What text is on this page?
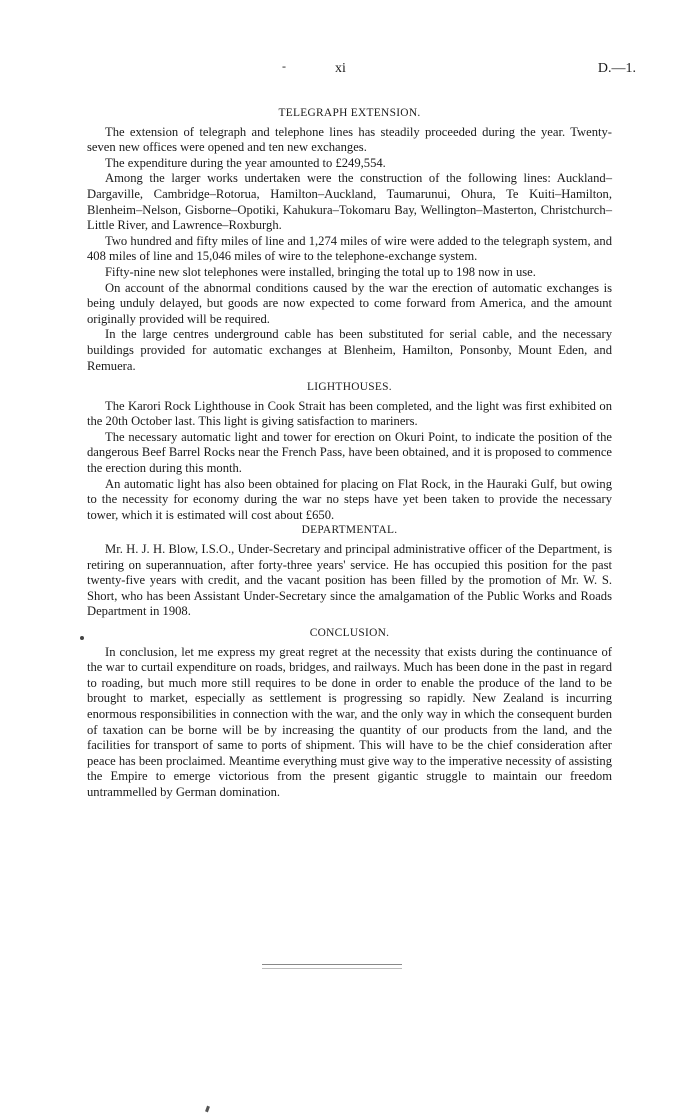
-	xi	D.—1.
TELEGRAPH EXTENSION.

The extension of telegraph and telephone lines has steadily proceeded during the year. Twenty-seven new offices were opened and ten new exchanges.

The expenditure during the year amounted to £249,554.

Among the larger works undertaken were the construction of the following lines: Auckland–Dargaville, Cambridge–Rotorua, Hamilton–Auckland, Taumarunui, Ohura, Te Kuiti–Hamilton, Blenheim–Nelson, Gisborne–Opotiki, Kahukura–Tokomaru Bay, Wellington–Masterton, Christchurch–Little River, and Lawrence–Roxburgh.

Two hundred and fifty miles of line and 1,274 miles of wire were added to the telegraph system, and 408 miles of line and 15,046 miles of wire to the telephone-exchange system.

Fifty-nine new slot telephones were installed, bringing the total up to 198 now in use.

On account of the abnormal conditions caused by the war the erection of automatic exchanges is being unduly delayed, but goods are now expected to come forward from America, and the amount originally provided will be required.

In the large centres underground cable has been substituted for serial cable, and the necessary buildings provided for automatic exchanges at Blenheim, Hamilton, Ponsonby, Mount Eden, and Remuera.

LIGHTHOUSES.

The Karori Rock Lighthouse in Cook Strait has been completed, and the light was first exhibited on the 20th October last. This light is giving satisfaction to mariners.

The necessary automatic light and tower for erection on Okuri Point, to indicate the position of the dangerous Beef Barrel Rocks near the French Pass, have been obtained, and it is proposed to commence the erection during this month.

An automatic light has also been obtained for placing on Flat Rock, in the Hauraki Gulf, but owing to the necessity for economy during the war no steps have yet been taken to provide the necessary tower, which it is estimated will cost about £650.

DEPARTMENTAL.

Mr. H. J. H. Blow, I.S.O., Under-Secretary and principal administrative officer of the Department, is retiring on superannuation, after forty-three years' service. He has occupied this position for the past twenty-five years with credit, and the vacant position has been filled by the promotion of Mr. W. S. Short, who has been Assistant Under-Secretary since the amalgamation of the Public Works and Roads Department in 1908.

CONCLUSION.

In conclusion, let me express my great regret at the necessity that exists during the continuance of the war to curtail expenditure on roads, bridges, and railways. Much has been done in the past in regard to roading, but much more still requires to be done in order to enable the produce of the land to be brought to market, especially as settlement is progressing so rapidly. New Zealand is incurring enormous responsibilities in connection with the war, and the only way in which the consequent burden of taxation can be borne will be by increasing the quantity of our products from the land, and the facilities for transport of same to ports of shipment. This will have to be the chief consideration after peace has been proclaimed. Meantime everything must give way to the imperative necessity of assisting the Empire to emerge victorious from the present gigantic struggle to maintain our freedom untrammelled by German domination.
